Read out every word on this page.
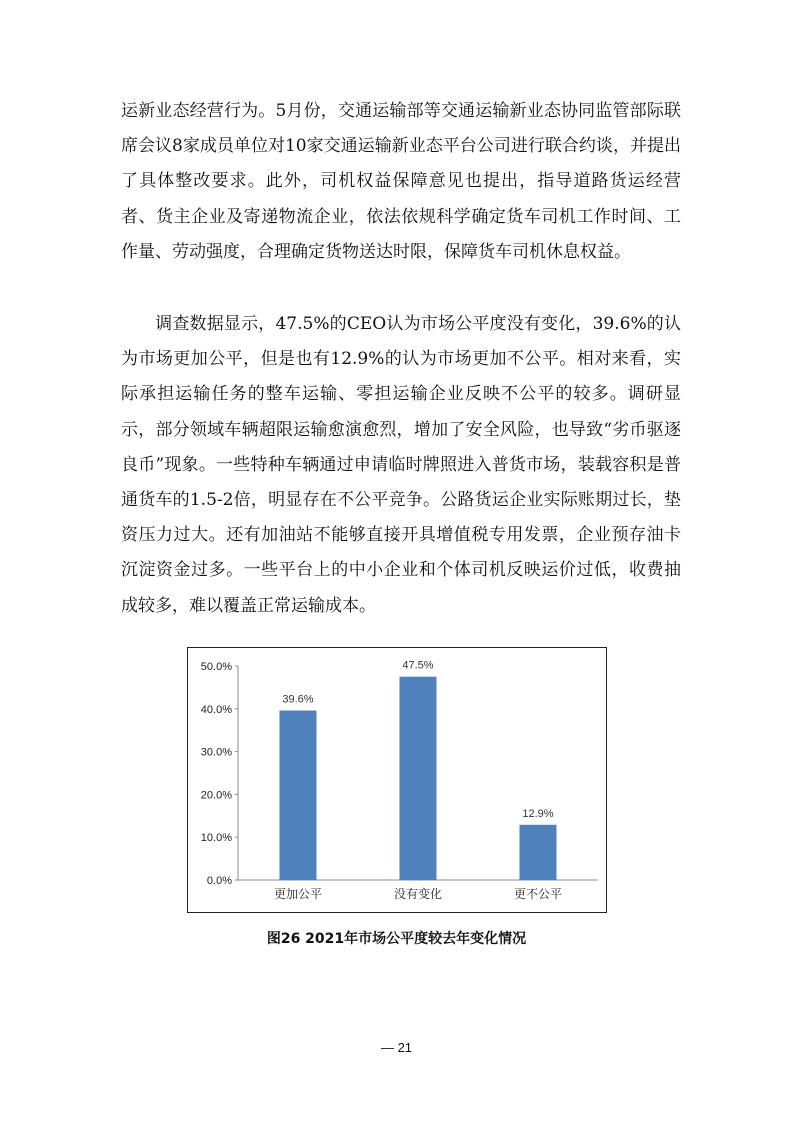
运新业态经营行为。5月份，交通运输部等交通运输新业态协同监管部际联席会议8家成员单位对10家交通运输新业态平台公司进行联合约谈，并提出了具体整改要求。此外，司机权益保障意见也提出，指导道路货运经营者、货主企业及寄递物流企业，依法依规科学确定货车司机工作时间、工作量、劳动强度，合理确定货物送达时限，保障货车司机休息权益。

调查数据显示，47.5%的CEO认为市场公平度没有变化，39.6%的认为市场更加公平，但是也有12.9%的认为市场更加不公平。相对来看，实际承担运输任务的整车运输、零担运输企业反映不公平的较多。调研显示，部分领域车辆超限运输愈演愈烈，增加了安全风险，也导致“劣币驱逐良币”现象。一些特种车辆通过申请临时牌照进入普货市场，装载容积是普通货车的1.5-2倍，明显存在不公平竞争。公路货运企业实际账期过长，垫资压力过大。还有加油站不能够直接开具增值税专用发票，企业预存油卡沉淀资金过多。一些平台上的中小企业和个体司机反映运价过低，收费抽成较多，难以覆盖正常运输成本。

0.0%
10.0%
20.0%
30.0%
40.0%
50.0%
39.6%
47.5%
12.9%
更加公平	没有变化	更不公平
图26 2021年市场公平度较去年变化情况
— 21
